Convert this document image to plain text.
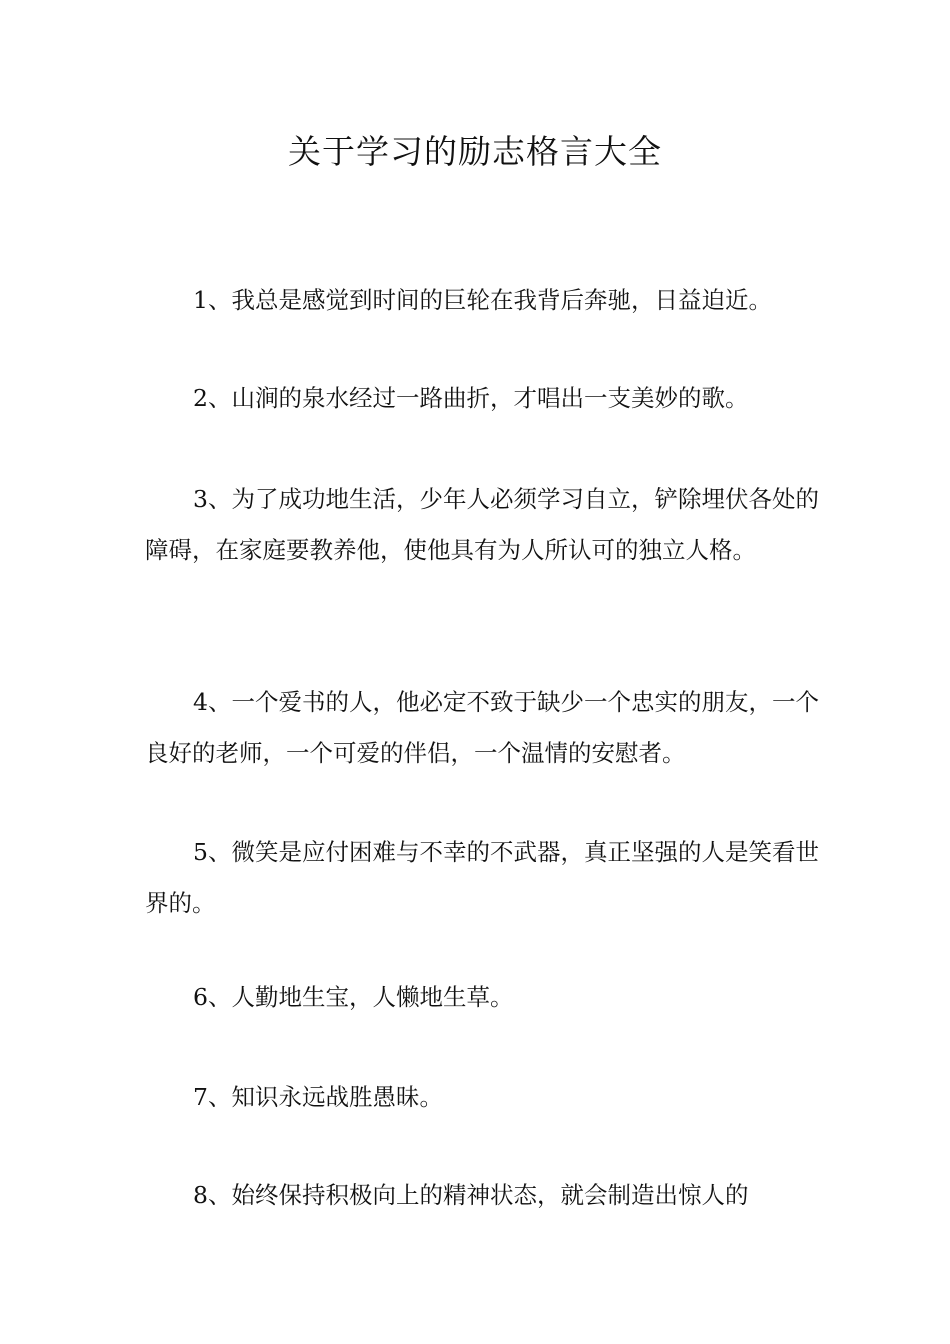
关于学习的励志格言大全

1、我总是感觉到时间的巨轮在我背后奔驰，日益迫近。

2、山涧的泉水经过一路曲折，才唱出一支美妙的歌。

3、为了成功地生活，少年人必须学习自立，铲除埋伏各处的障碍，在家庭要教养他，使他具有为人所认可的独立人格。

4、一个爱书的人，他必定不致于缺少一个忠实的朋友，一个良好的老师，一个可爱的伴侣，一个温情的安慰者。

5、微笑是应付困难与不幸的不武器，真正坚强的人是笑看世界的。

6、人勤地生宝，人懒地生草。

7、知识永远战胜愚昧。

8、始终保持积极向上的精神状态，就会制造出惊人的
